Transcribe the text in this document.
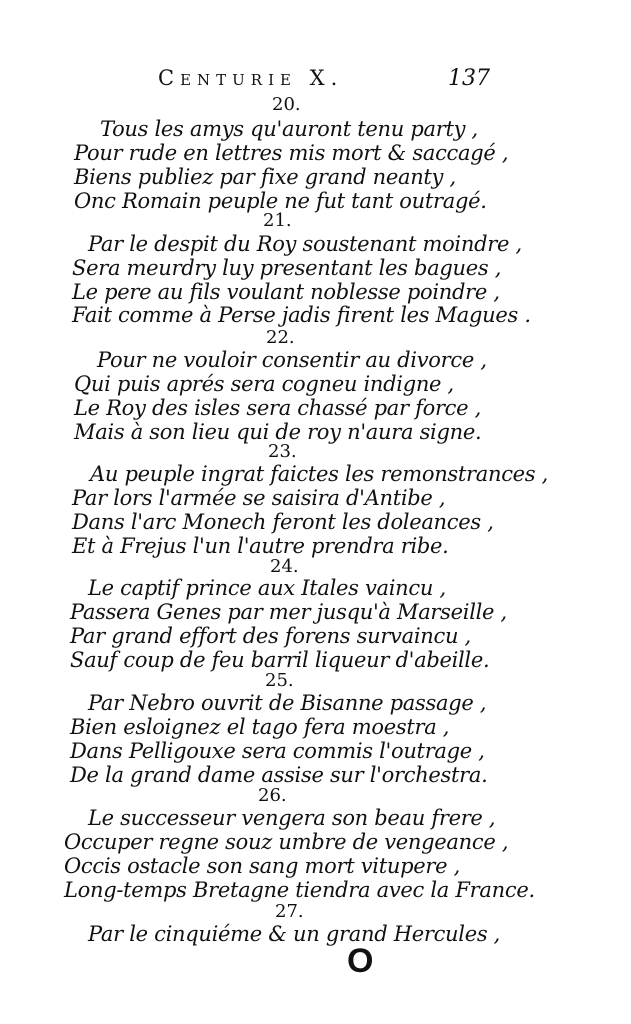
Centurie X.	137
20.
Tous les amys qu'auront tenu party ,
Pour rude en lettres mis mort & saccagé ,
Biens publiez par fixe grand neanty ,
Onc Romain peuple ne fut tant outragé.
21.
Par le despit du Roy soustenant moindre ,
Sera meurdry luy presentant les bagues ,
Le pere au fils voulant noblesse poindre ,
Fait comme à Perse jadis firent les Magues .
22.
Pour ne vouloir consentir au divorce ,
Qui puis aprés sera cogneu indigne ,
Le Roy des isles sera chassé par force ,
Mais à son lieu qui de roy n'aura signe.
23.
Au peuple ingrat faictes les remonstrances ,
Par lors l'armée se saisira d'Antibe ,
Dans l'arc Monech feront les doleances ,
Et à Frejus l'un l'autre prendra ribe.
24.
Le captif prince aux Itales vaincu ,
Passera Genes par mer jusqu'à Marseille ,
Par grand effort des forens survaincu ,
Sauf coup de feu barril liqueur d'abeille.
25.
Par Nebro ouvrit de Bisanne passage ,
Bien esloignez el tago fera moestra ,
Dans Pelligouxe sera commis l'outrage ,
De la grand dame assise sur l'orchestra.
26.
Le successeur vengera son beau frere ,
Occuper regne souz umbre de vengeance ,
Occis ostacle son sang mort vitupere ,
Long-temps Bretagne tiendra avec la France.
27.
Par le cinquiéme & un grand Hercules ,
O
